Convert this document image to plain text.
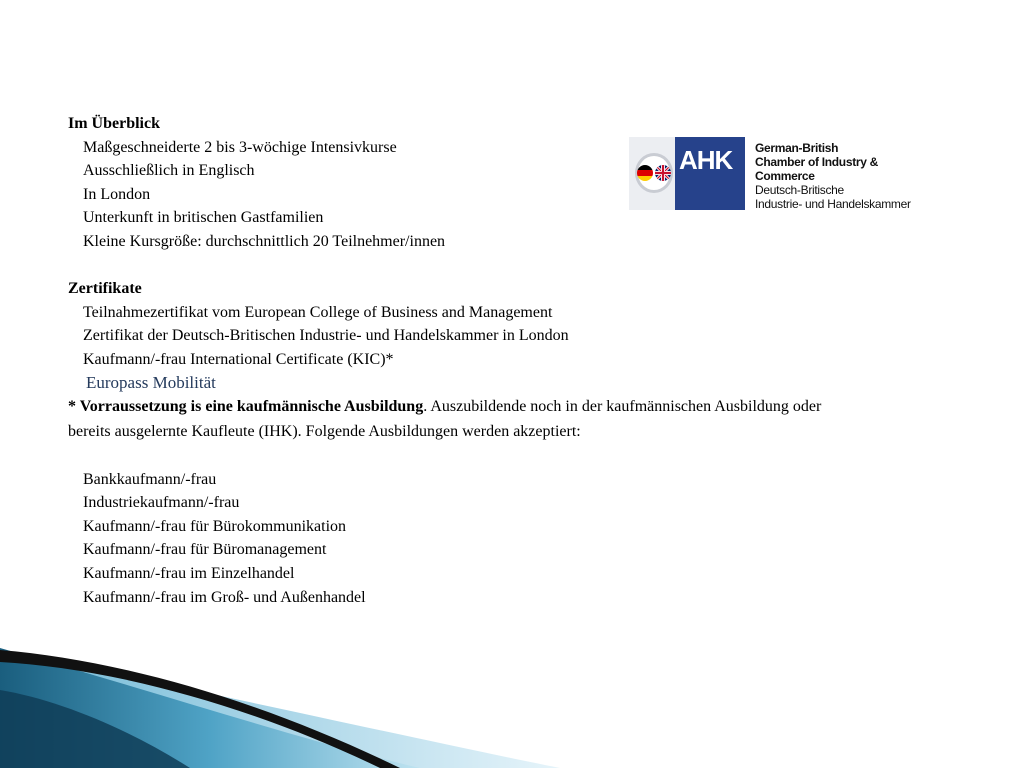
Im Überblick
Maßgeschneiderte 2 bis 3-wöchige Intensivkurse
Ausschließlich in Englisch
In London
Unterkunft in britischen Gastfamilien
Kleine Kursgröße: durchschnittlich 20 Teilnehmer/innen
Zertifikate
Teilnahmezertifikat vom European College of Business and Management
Zertifikat der Deutsch-Britischen Industrie- und Handelskammer in London
Kaufmann/-frau International Certificate (KIC)*
Europass Mobilität
* Vorraussetzung is eine kaufmännische Ausbildung. Auszubildende noch in der kaufmännischen Ausbildung oder
bereits ausgelernte Kaufleute (IHK). Folgende Ausbildungen werden akzeptiert:
Bankkaufmann/-frau
Industriekaufmann/-frau
Kaufmann/-frau für Bürokommunikation
Kaufmann/-frau für Büromanagement
Kaufmann/-frau im Einzelhandel
Kaufmann/-frau im Groß- und Außenhandel
AHK German-British
Chamber of Industry & Commerce
Deutsch-Britische
Industrie- und Handelskammer
